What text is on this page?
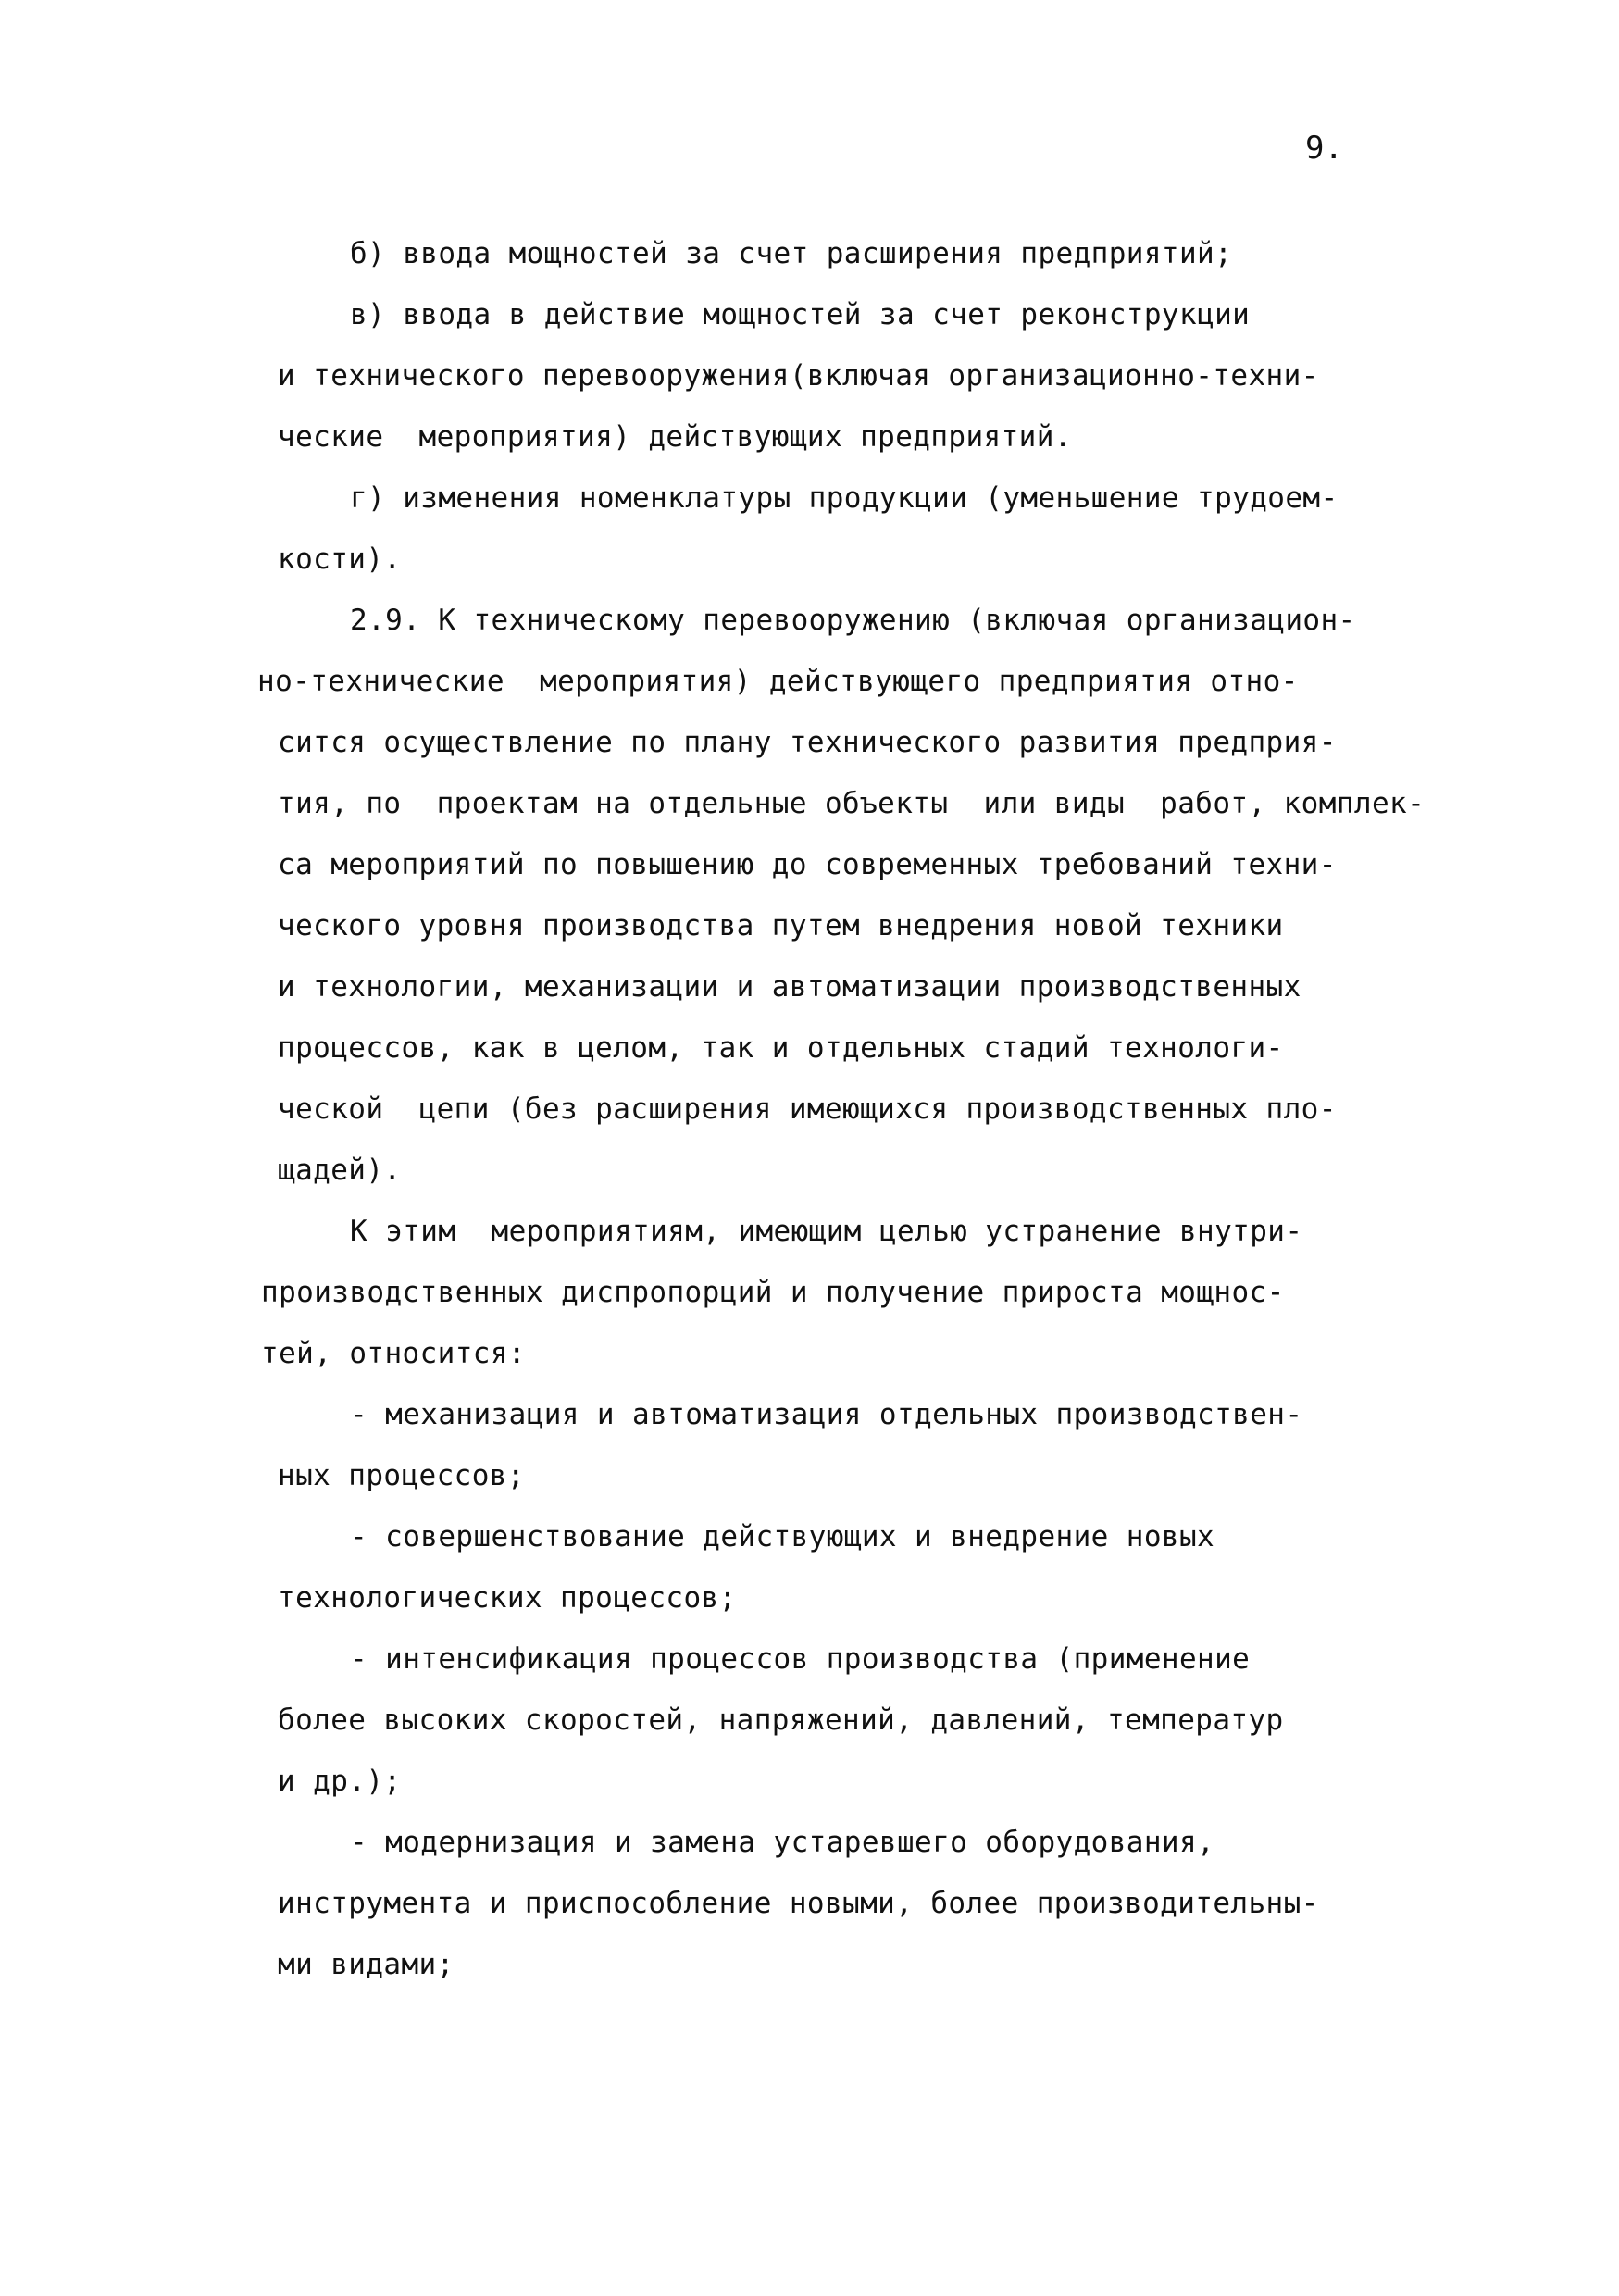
9.
б) ввода мощностей за счет расширения предприятий;
в) ввода в действие мощностей за счет реконструкции
и технического перевооружения(включая организационно-техни-
ческие  мероприятия) действующих предприятий.
г) изменения номенклатуры продукции (уменьшение трудоем-
кости).
2.9. К техническому перевооружению (включая организацион-
но-технические  мероприятия) действующего предприятия отно-
сится осуществление по плану технического развития предприя-
тия, по  проектам на отдельные объекты  или виды  работ, комплек-
са мероприятий по повышению до современных требований техни-
ческого уровня производства путем внедрения новой техники
и технологии, механизации и автоматизации производственных
процессов, как в целом, так и отдельных стадий технологи-
ческой  цепи (без расширения имеющихся производственных пло-
щадей).
К этим  мероприятиям, имеющим целью устранение внутри-
производственных диспропорций и получение прироста мощнос-
тей, относится:
- механизация и автоматизация отдельных производствен-
ных процессов;
- совершенствование действующих и внедрение новых
технологических процессов;
- интенсификация процессов производства (применение
более высоких скоростей, напряжений, давлений, температур
и др.);
- модернизация и замена устаревшего оборудования,
инструмента и приспособление новыми, более производительны-
ми видами;
